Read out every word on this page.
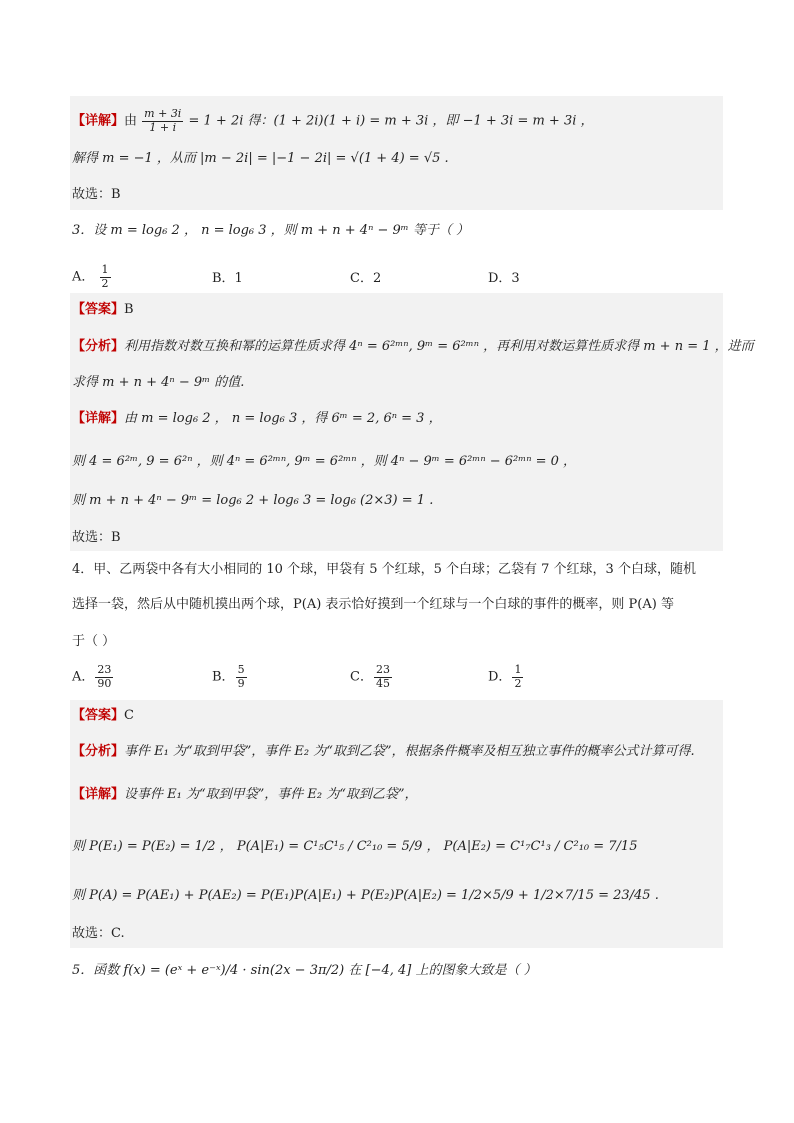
【详解】由 $\frac{m + 3i}{1 + i} = 1 + 2i$ 得：(1 + 2i)(1 + i) = m + 3i ，即 −1 + 3i = m + 3i ，
解得 m = −1 ，从而 |m − 2i| = |−1 − 2i| = √(1 + 4) = √5 .
故选：B
3．设 m = log₆ 2 ， n = log₆ 3 ，则 m + n + 4ⁿ − 9ᵐ 等于（ ）
A． $\frac{1}{2}$	B．1	C．2	D．3
【答案】B
【分析】利用指数对数互换和幂的运算性质求得 4ⁿ = 6²ᵐⁿ, 9ᵐ = 6²ᵐⁿ ，再利用对数运算性质求得 m + n = 1 ，进而
求得 m + n + 4ⁿ − 9ᵐ 的值.
【详解】由 m = log₆ 2 ， n = log₆ 3 ，得 6ᵐ = 2, 6ⁿ = 3 ，
则 4 = 6²ᵐ, 9 = 6²ⁿ ，则 4ⁿ = 6²ᵐⁿ, 9ᵐ = 6²ᵐⁿ ，则 4ⁿ − 9ᵐ = 6²ᵐⁿ − 6²ᵐⁿ = 0 ，
则 m + n + 4ⁿ − 9ᵐ = log₆ 2 + log₆ 3 = log₆ (2×3) = 1 .
故选：B
4．甲、乙两袋中各有大小相同的 10 个球，甲袋有 5 个红球，5 个白球；乙袋有 7 个红球，3 个白球，随机
选择一袋，然后从中随机摸出两个球，P(A) 表示恰好摸到一个红球与一个白球的事件的概率，则 P(A) 等
于（ ）
A． $\frac{23}{90}$	B． $\frac{5}{9}$	C． $\frac{23}{45}$	D． $\frac{1}{2}$
【答案】C
【分析】事件 E₁ 为“取到甲袋”，事件 E₂ 为“取到乙袋”，根据条件概率及相互独立事件的概率公式计算可得.
【详解】设事件 E₁ 为“取到甲袋”，事件 E₂ 为“取到乙袋”，
则 P(E₁) = P(E₂) = 1/2 ， P(A|E₁) = C¹₅C¹₅ / C²₁₀ = 5/9 ， P(A|E₂) = C¹₇C¹₃ / C²₁₀ = 7/15
则 P(A) = P(AE₁) + P(AE₂) = P(E₁)P(A|E₁) + P(E₂)P(A|E₂) = 1/2×5/9 + 1/2×7/15 = 23/45 .
故选：C.
5．函数 f(x) = (eˣ + e⁻ˣ)/4 · sin(2x − 3π/2) 在 [−4, 4] 上的图象大致是（ ）
